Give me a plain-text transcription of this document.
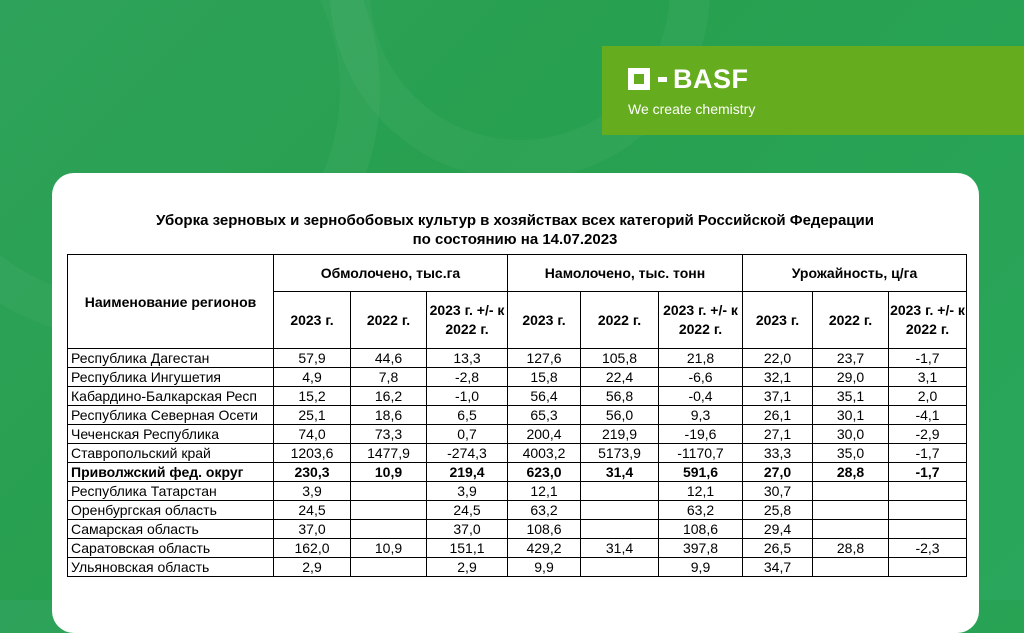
BASF
We create chemistry
Уборка зерновых и зернобобовых культур в хозяйствах всех категорий Российской Федерации
по состоянию на 14.07.2023
Наименование регионов	Обмолочено, тыс.га			Намолочено, тыс. тонн			Урожайность, ц/га		
	2023 г.	2022 г.	2023 г. +/- к 2022 г.	2023 г.	2022 г.	2023 г. +/- к 2022 г.	2023 г.	2022 г.	2023 г. +/- к 2022 г.
Республика Дагестан	57,9	44,6	13,3	127,6	105,8	21,8	22,0	23,7	-1,7
Республика Ингушетия	4,9	7,8	-2,8	15,8	22,4	-6,6	32,1	29,0	3,1
Кабардино-Балкарская Респ	15,2	16,2	-1,0	56,4	56,8	-0,4	37,1	35,1	2,0
Республика Северная Осети	25,1	18,6	6,5	65,3	56,0	9,3	26,1	30,1	-4,1
Чеченская Республика	74,0	73,3	0,7	200,4	219,9	-19,6	27,1	30,0	-2,9
Ставропольский край	1203,6	1477,9	-274,3	4003,2	5173,9	-1170,7	33,3	35,0	-1,7
Приволжский фед. округ	230,3	10,9	219,4	623,0	31,4	591,6	27,0	28,8	-1,7
Республика Татарстан	3,9		3,9	12,1		12,1	30,7		
Оренбургская область	24,5		24,5	63,2		63,2	25,8		
Самарская область	37,0		37,0	108,6		108,6	29,4		
Саратовская область	162,0	10,9	151,1	429,2	31,4	397,8	26,5	28,8	-2,3
Ульяновская область	2,9		2,9	9,9		9,9	34,7		
